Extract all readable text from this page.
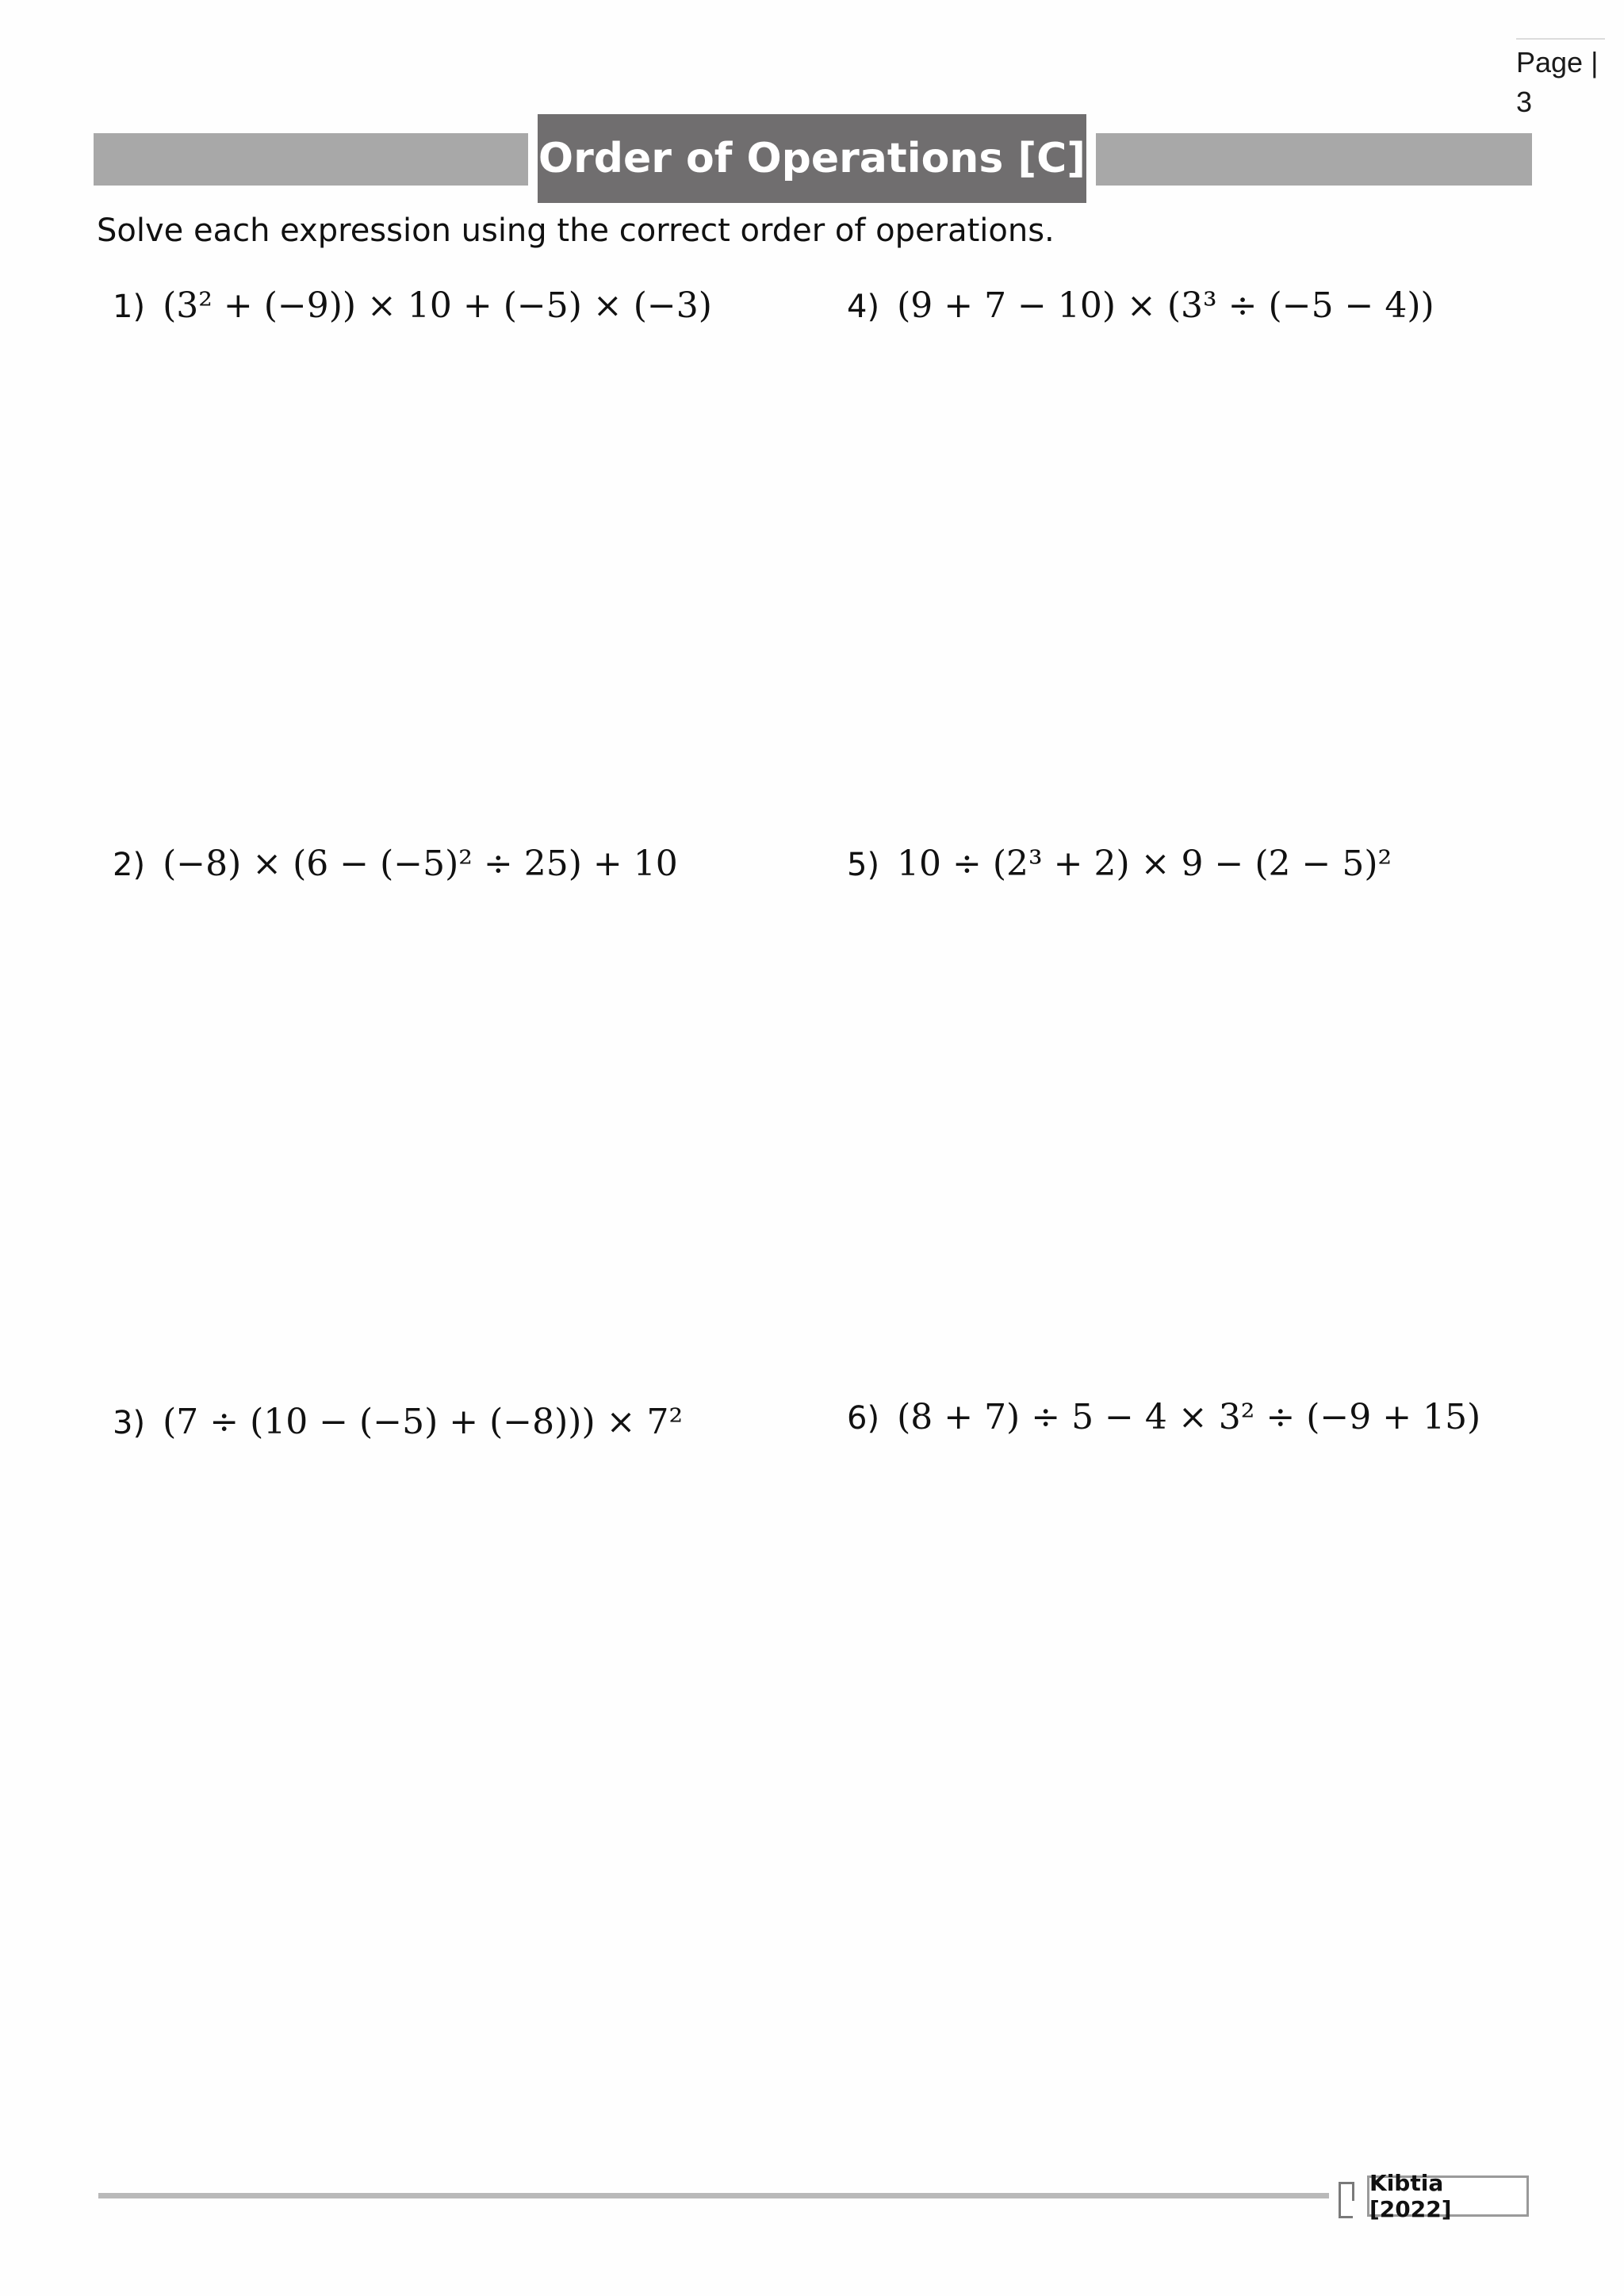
Page |
3
Order of Operations [C]
Solve each expression using the correct order of operations.
1) (3² + (−9)) × 10 + (−5) × (−3)	4) (9 + 7 − 10) × (3³ ÷ (−5 − 4))
2) (−8) × (6 − (−5)² ÷ 25) + 10	5) 10 ÷ (2³ + 2) × 9 − (2 − 5)²
3) (7 ÷ (10 − (−5) + (−8))) × 7²	6) (8 + 7) ÷ 5 − 4 × 3² ÷ (−9 + 15)
Kibtia [2022]
